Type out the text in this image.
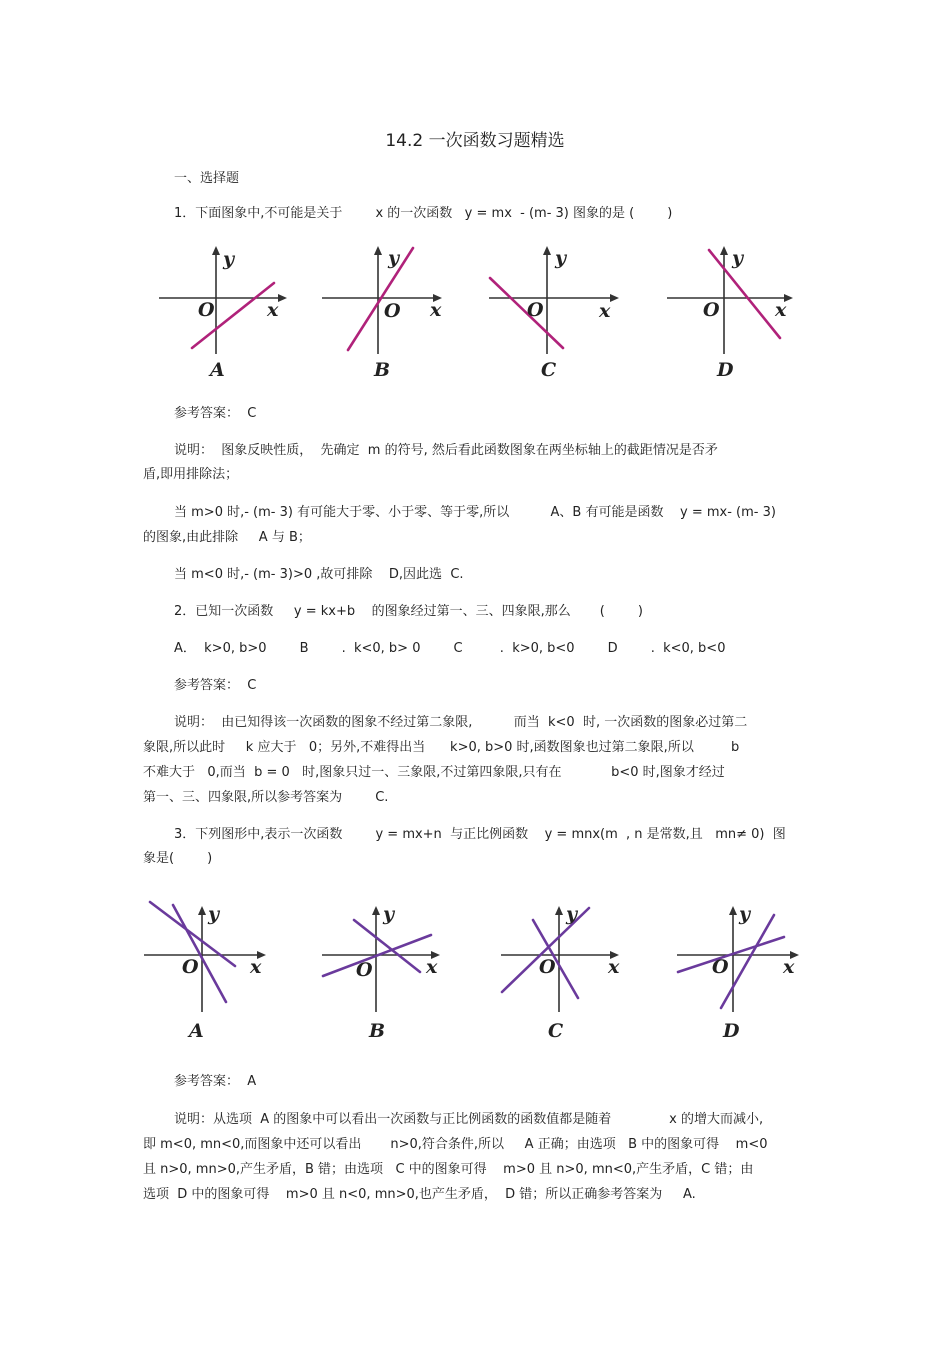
14.2 一次函数习题精选
一、选择题
1．下面图象中,不可能是关于        x 的一次函数   y = mx  - (m- 3) 图象的是 (        )
y
O	x
A
y
O x
B
y
O	x
C
y
O	x
D
参考答案：  C
说明：  图象反映性质，  先确定  m 的符号, 然后看此函数图象在两坐标轴上的截距情况是否矛
盾,即用排除法；
当 m>0 时,- (m- 3) 有可能大于零、小于零、等于零,所以          A、B 有可能是函数    y = mx- (m- 3)
的图象,由此排除     A 与 B；
当 m<0 时,- (m- 3)>0 ,故可排除    D,因此选  C.
2．已知一次函数     y = kx+b    的图象经过第一、三、四象限,那么       (        )
A．  k>0, b>0        B        .  k<0, b> 0        C         .  k>0, b<0        D        .  k<0, b<0
参考答案：  C
说明：  由已知得该一次函数的图象不经过第二象限,          而当  k<0  时, 一次函数的图象必过第二
象限,所以此时     k 应大于   0；另外,不难得出当      k>0, b>0 时,函数图象也过第二象限,所以         b
不难大于   0,而当  b = 0   时,图象只过一、三象限,不过第四象限,只有在            b<0 时,图象才经过
第一、三、四象限,所以参考答案为        C.
3．下列图形中,表示一次函数        y = mx+n  与正比例函数    y = mnx(m  , n 是常数,且   mn≠ 0)  图
象是(        )
y
O	x
A
y
O	x
B
y
O	x
C
y
O	x
D
参考答案：  A
说明：从选项  A 的图象中可以看出一次函数与正比例函数的函数值都是随着              x 的增大而减小,
即 m<0, mn<0,而图象中还可以看出       n>0,符合条件,所以     A 正确；由选项   B 中的图象可得    m<0
且 n>0, mn>0,产生矛盾，B 错；由选项   C 中的图象可得    m>0 且 n>0, mn<0,产生矛盾，C 错；由
选项  D 中的图象可得    m>0 且 n<0, mn>0,也产生矛盾，  D 错；所以正确参考答案为     A.
